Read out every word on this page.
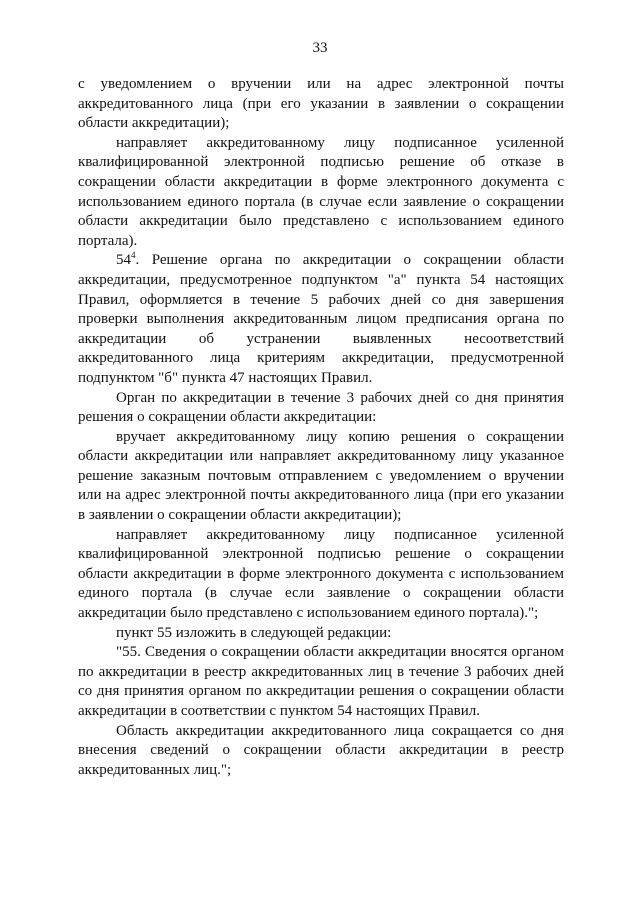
33

с уведомлением о вручении или на адрес электронной почты аккредитованного лица (при его указании в заявлении о сокращении области аккредитации);

направляет аккредитованному лицу подписанное усиленной квалифицированной электронной подписью решение об отказе в сокращении области аккредитации в форме электронного документа с использованием единого портала (в случае если заявление о сокращении области аккредитации было представлено с использованием единого портала).

$54^4$. Решение органа по аккредитации о сокращении области аккредитации, предусмотренное подпунктом "а" пункта 54 настоящих Правил, оформляется в течение 5 рабочих дней со дня завершения проверки выполнения аккредитованным лицом предписания органа по аккредитации об устранении выявленных несоответствий аккредитованного лица критериям аккредитации, предусмотренной подпунктом "б" пункта 47 настоящих Правил.

Орган по аккредитации в течение 3 рабочих дней со дня принятия решения о сокращении области аккредитации:

вручает аккредитованному лицу копию решения о сокращении области аккредитации или направляет аккредитованному лицу указанное решение заказным почтовым отправлением с уведомлением о вручении или на адрес электронной почты аккредитованного лица (при его указании в заявлении о сокращении области аккредитации);

направляет аккредитованному лицу подписанное усиленной квалифицированной электронной подписью решение о сокращении области аккредитации в форме электронного документа с использованием единого портала (в случае если заявление о сокращении области аккредитации было представлено с использованием единого портала).";

пункт 55 изложить в следующей редакции:

"55. Сведения о сокращении области аккредитации вносятся органом по аккредитации в реестр аккредитованных лиц в течение 3 рабочих дней со дня принятия органом по аккредитации решения о сокращении области аккредитации в соответствии с пунктом 54 настоящих Правил.

Область аккредитации аккредитованного лица сокращается со дня внесения сведений о сокращении области аккредитации в реестр аккредитованных лиц.";
